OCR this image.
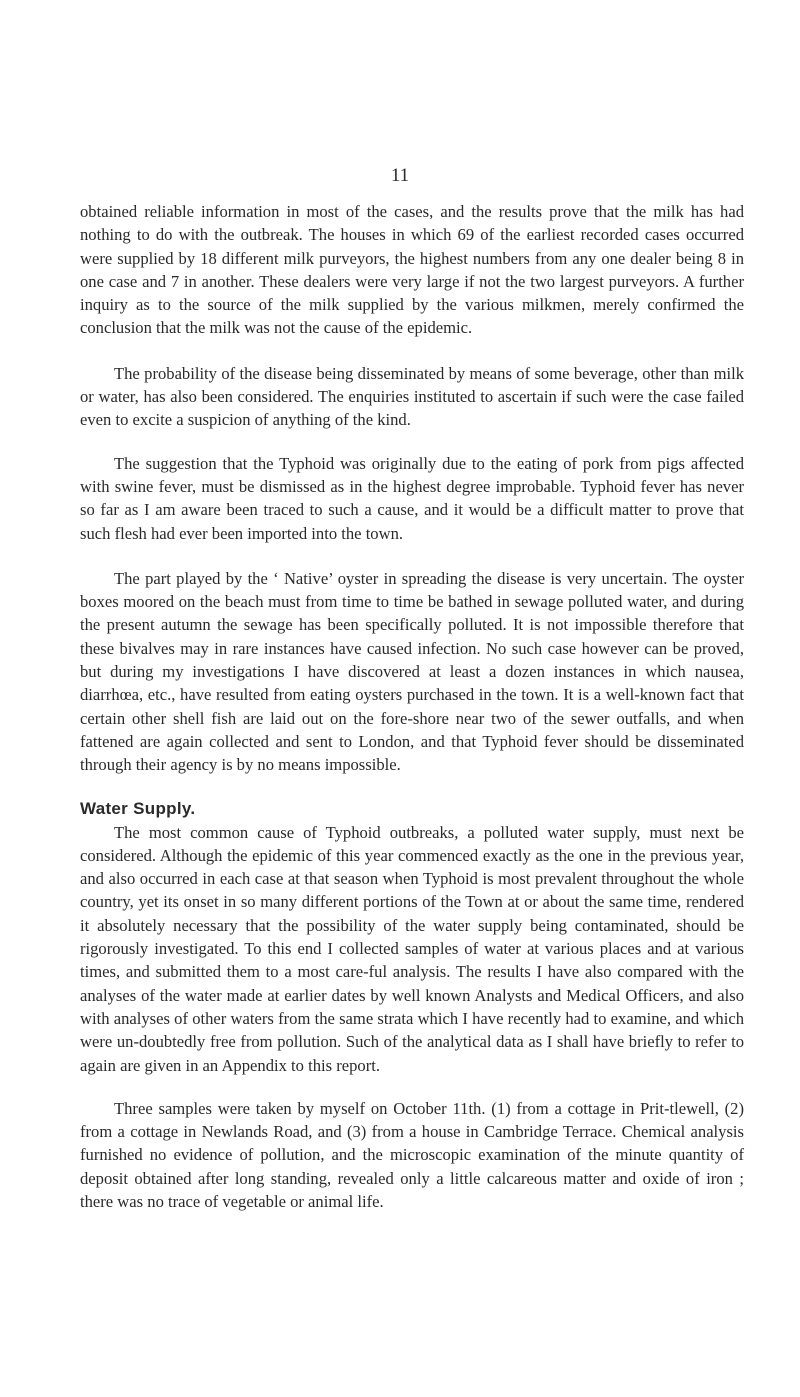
11

obtained reliable information in most of the cases, and the results prove that the milk has had nothing to do with the outbreak. The houses in which 69 of the earliest recorded cases occurred were supplied by 18 different milk purveyors, the highest numbers from any one dealer being 8 in one case and 7 in another. These dealers were very large if not the two largest purveyors. A further inquiry as to the source of the milk supplied by the various milkmen, merely confirmed the conclusion that the milk was not the cause of the epidemic.

The probability of the disease being disseminated by means of some beverage, other than milk or water, has also been considered. The enquiries instituted to ascertain if such were the case failed even to excite a suspicion of anything of the kind.

The suggestion that the Typhoid was originally due to the eating of pork from pigs affected with swine fever, must be dismissed as in the highest degree improbable. Typhoid fever has never so far as I am aware been traced to such a cause, and it would be a difficult matter to prove that such flesh had ever been imported into the town.

The part played by the ‘ Native’ oyster in spreading the disease is very uncertain. The oyster boxes moored on the beach must from time to time be bathed in sewage polluted water, and during the present autumn the sewage has been specifically polluted. It is not impossible therefore that these bivalves may in rare instances have caused infection. No such case however can be proved, but during my investigations I have discovered at least a dozen instances in which nausea, diarrhœa, etc., have resulted from eating oysters purchased in the town. It is a well-known fact that certain other shell fish are laid out on the fore-shore near two of the sewer outfalls, and when fattened are again collected and sent to London, and that Typhoid fever should be disseminated through their agency is by no means impossible.

Water Supply.

The most common cause of Typhoid outbreaks, a polluted water supply, must next be considered. Although the epidemic of this year commenced exactly as the one in the previous year, and also occurred in each case at that season when Typhoid is most prevalent throughout the whole country, yet its onset in so many different portions of the Town at or about the same time, rendered it absolutely necessary that the possibility of the water supply being contaminated, should be rigorously investigated. To this end I collected samples of water at various places and at various times, and submitted them to a most care-ful analysis. The results I have also compared with the analyses of the water made at earlier dates by well known Analysts and Medical Officers, and also with analyses of other waters from the same strata which I have recently had to examine, and which were un-doubtedly free from pollution. Such of the analytical data as I shall have briefly to refer to again are given in an Appendix to this report.

Three samples were taken by myself on October 11th. (1) from a cottage in Prit-tlewell, (2) from a cottage in Newlands Road, and (3) from a house in Cambridge Terrace. Chemical analysis furnished no evidence of pollution, and the microscopic examination of the minute quantity of deposit obtained after long standing, revealed only a little calcareous matter and oxide of iron ; there was no trace of vegetable or animal life.
